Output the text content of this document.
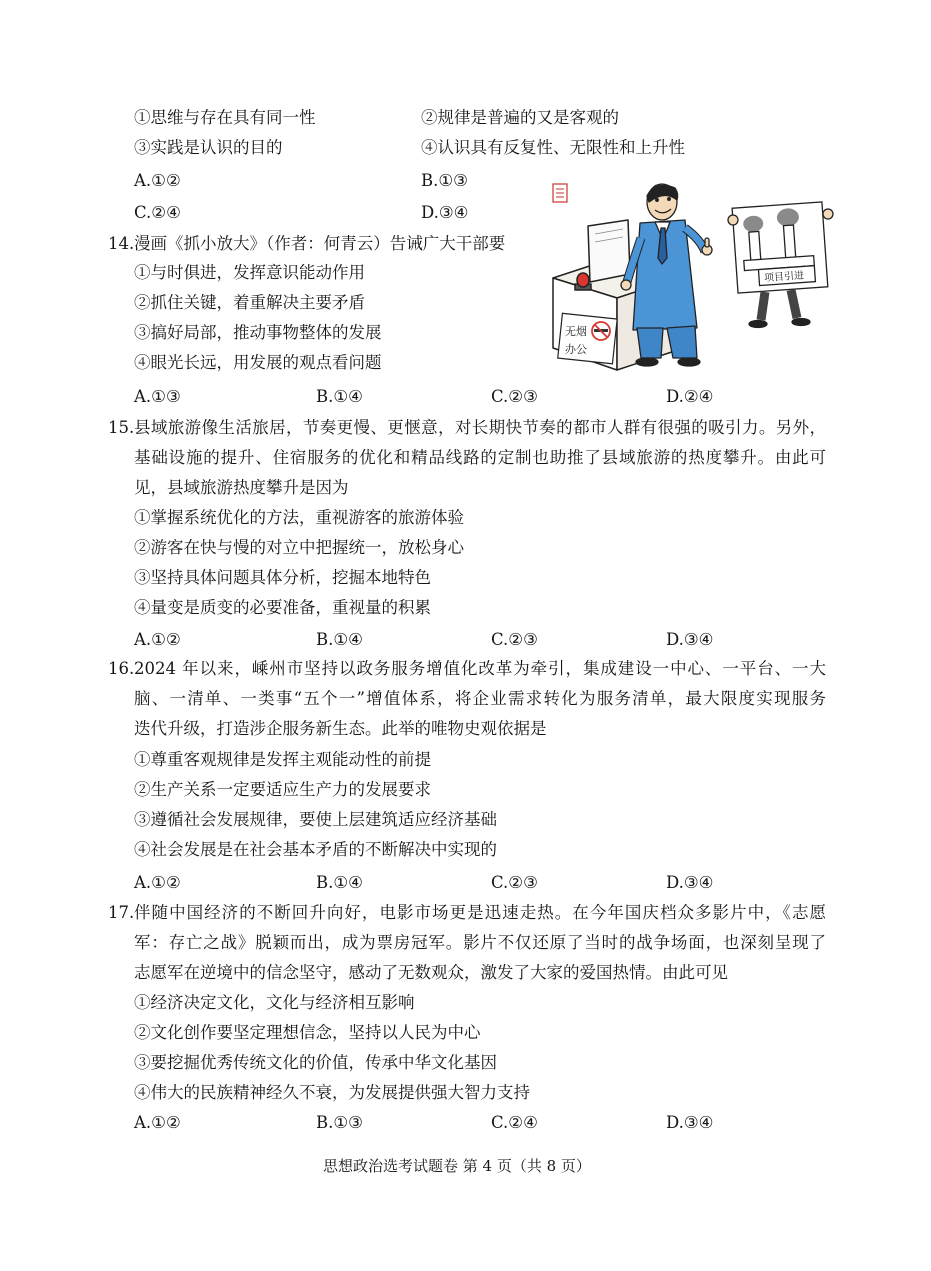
①思维与存在具有同一性	②规律是普遍的又是客观的
③实践是认识的目的	④认识具有反复性、无限性和上升性
A.①②	B.①③
C.②④	D.③④
14. 漫画《抓小放大》（作者：何青云）告诫广大干部要
①与时俱进，发挥意识能动作用
②抓住关键，着重解决主要矛盾
③搞好局部，推动事物整体的发展
④眼光长远，用发展的观点看问题
A.①③	B.①④	C.②③	D.②④
无烟
办公
项目引进
15. 县域旅游像生活旅居，节奏更慢、更惬意，对长期快节奏的都市人群有很强的吸引力。另外，
基础设施的提升、住宿服务的优化和精品线路的定制也助推了县域旅游的热度攀升。由此可
见，县域旅游热度攀升是因为
①掌握系统优化的方法，重视游客的旅游体验
②游客在快与慢的对立中把握统一，放松身心
③坚持具体问题具体分析，挖掘本地特色
④量变是质变的必要准备，重视量的积累
A.①②	B.①④	C.②③	D.③④
16. 2024 年以来，嵊州市坚持以政务服务增值化改革为牵引，集成建设一中心、一平台、一大
脑、一清单、一类事“五个一”增值体系，将企业需求转化为服务清单，最大限度实现服务
迭代升级，打造涉企服务新生态。此举的唯物史观依据是
①尊重客观规律是发挥主观能动性的前提
②生产关系一定要适应生产力的发展要求
③遵循社会发展规律，要使上层建筑适应经济基础
④社会发展是在社会基本矛盾的不断解决中实现的
A.①②	B.①④	C.②③	D.③④
17. 伴随中国经济的不断回升向好，电影市场更是迅速走热。在今年国庆档众多影片中，《志愿
军：存亡之战》脱颖而出，成为票房冠军。影片不仅还原了当时的战争场面，也深刻呈现了
志愿军在逆境中的信念坚守，感动了无数观众，激发了大家的爱国热情。由此可见
①经济决定文化，文化与经济相互影响
②文化创作要坚定理想信念，坚持以人民为中心
③要挖掘优秀传统文化的价值，传承中华文化基因
④伟大的民族精神经久不衰，为发展提供强大智力支持
A.①②	B.①③	C.②④	D.③④
思想政治选考试题卷 第 4 页（共 8 页）
